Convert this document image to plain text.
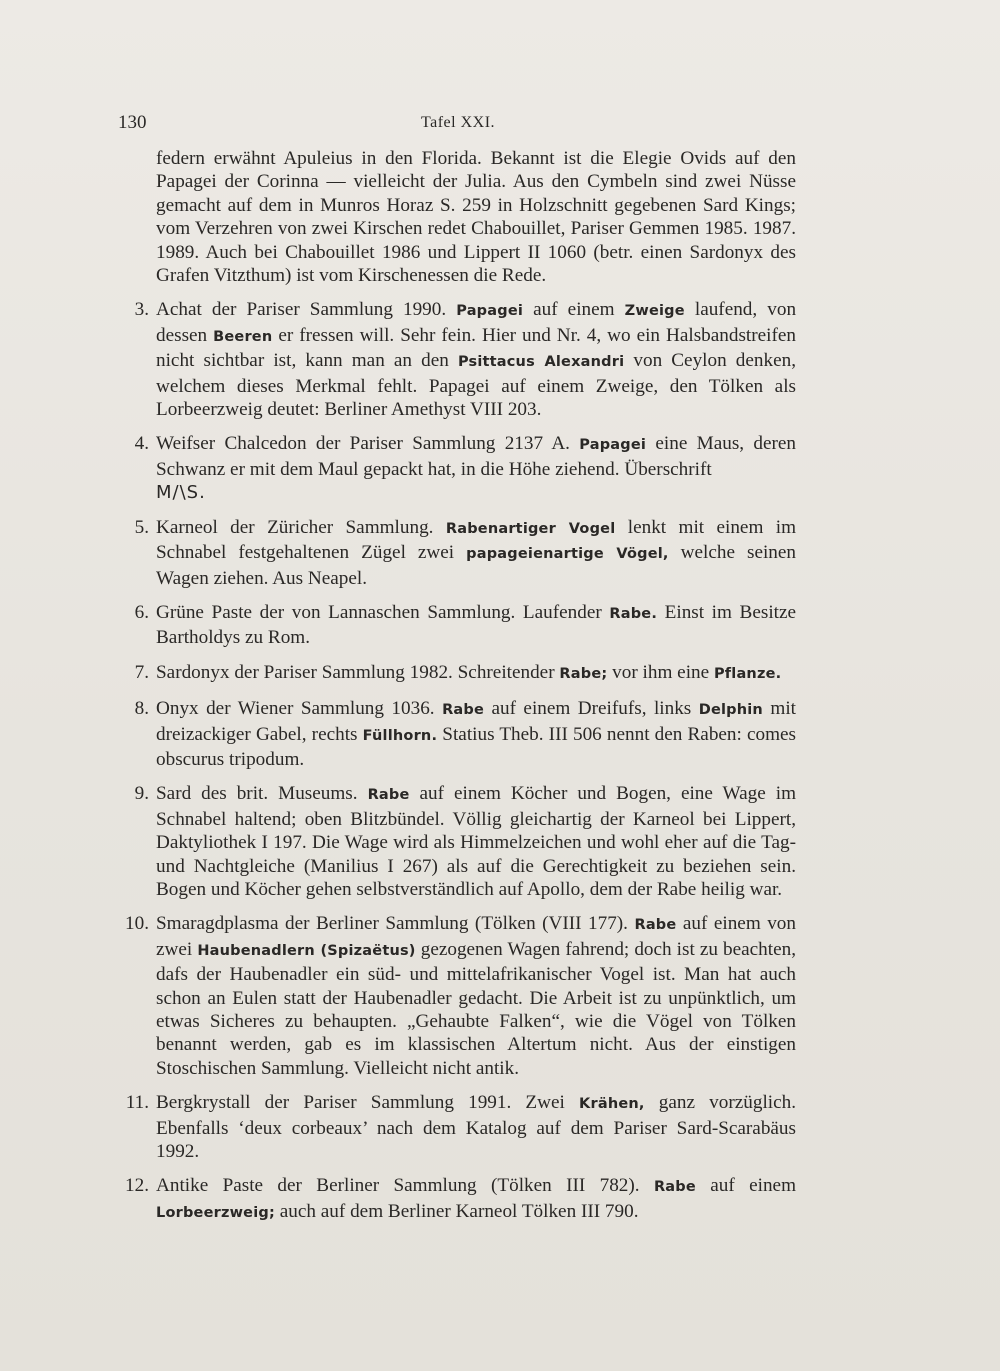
130	Tafel XXI.

federn erwähnt Apuleius in den Florida. Bekannt ist die Elegie Ovids auf den Papagei der Corinna — vielleicht der Julia. Aus den Cymbeln sind zwei Nüsse gemacht auf dem in Munros Horaz S. 259 in Holzschnitt gegebenen Sard Kings; vom Verzehren von zwei Kirschen redet Chabouillet, Pariser Gemmen 1985. 1987. 1989. Auch bei Chabouillet 1986 und Lippert II 1060 (betr. einen Sardonyx des Grafen Vitzthum) ist vom Kirschenessen die Rede.

3. Achat der Pariser Sammlung 1990. Papagei auf einem Zweige laufend, von dessen Beeren er fressen will. Sehr fein. Hier und Nr. 4, wo ein Halsbandstreifen nicht sichtbar ist, kann man an den Psittacus Alexandri von Ceylon denken, welchem dieses Merkmal fehlt. Papagei auf einem Zweige, den Tölken als Lorbeerzweig deutet: Berliner Amethyst VIII 203.
4. Weifser Chalcedon der Pariser Sammlung 2137 A. Papagei eine Maus, deren Schwanz er mit dem Maul gepackt hat, in die Höhe ziehend. Überschrift
M/\S.
5. Karneol der Züricher Sammlung. Rabenartiger Vogel lenkt mit einem im Schnabel festgehaltenen Zügel zwei papageienartige Vögel, welche seinen Wagen ziehen. Aus Neapel.
6. Grüne Paste der von Lannaschen Sammlung. Laufender Rabe. Einst im Besitze Bartholdys zu Rom.
7. Sardonyx der Pariser Sammlung 1982. Schreitender Rabe; vor ihm eine Pflanze.
8. Onyx der Wiener Sammlung 1036. Rabe auf einem Dreifufs, links Delphin mit dreizackiger Gabel, rechts Füllhorn. Statius Theb. III 506 nennt den Raben: comes obscurus tripodum.
9. Sard des brit. Museums. Rabe auf einem Köcher und Bogen, eine Wage im Schnabel haltend; oben Blitzbündel. Völlig gleichartig der Karneol bei Lippert, Daktyliothek I 197. Die Wage wird als Himmelzeichen und wohl eher auf die Tag- und Nachtgleiche (Manilius I 267) als auf die Gerechtigkeit zu beziehen sein. Bogen und Köcher gehen selbstverständlich auf Apollo, dem der Rabe heilig war.
10. Smaragdplasma der Berliner Sammlung (Tölken (VIII 177). Rabe auf einem von zwei Haubenadlern (Spizaëtus) gezogenen Wagen fahrend; doch ist zu beachten, dafs der Haubenadler ein süd- und mittelafrikanischer Vogel ist. Man hat auch schon an Eulen statt der Haubenadler gedacht. Die Arbeit ist zu unpünktlich, um etwas Sicheres zu behaupten. „Gehaubte Falken“, wie die Vögel von Tölken benannt werden, gab es im klassischen Altertum nicht. Aus der einstigen Stoschischen Sammlung. Vielleicht nicht antik.
11. Bergkrystall der Pariser Sammlung 1991. Zwei Krähen, ganz vorzüglich. Ebenfalls ‘deux corbeaux’ nach dem Katalog auf dem Pariser Sard-Scarabäus 1992.
12. Antike Paste der Berliner Sammlung (Tölken III 782). Rabe auf einem Lorbeerzweig; auch auf dem Berliner Karneol Tölken III 790.
